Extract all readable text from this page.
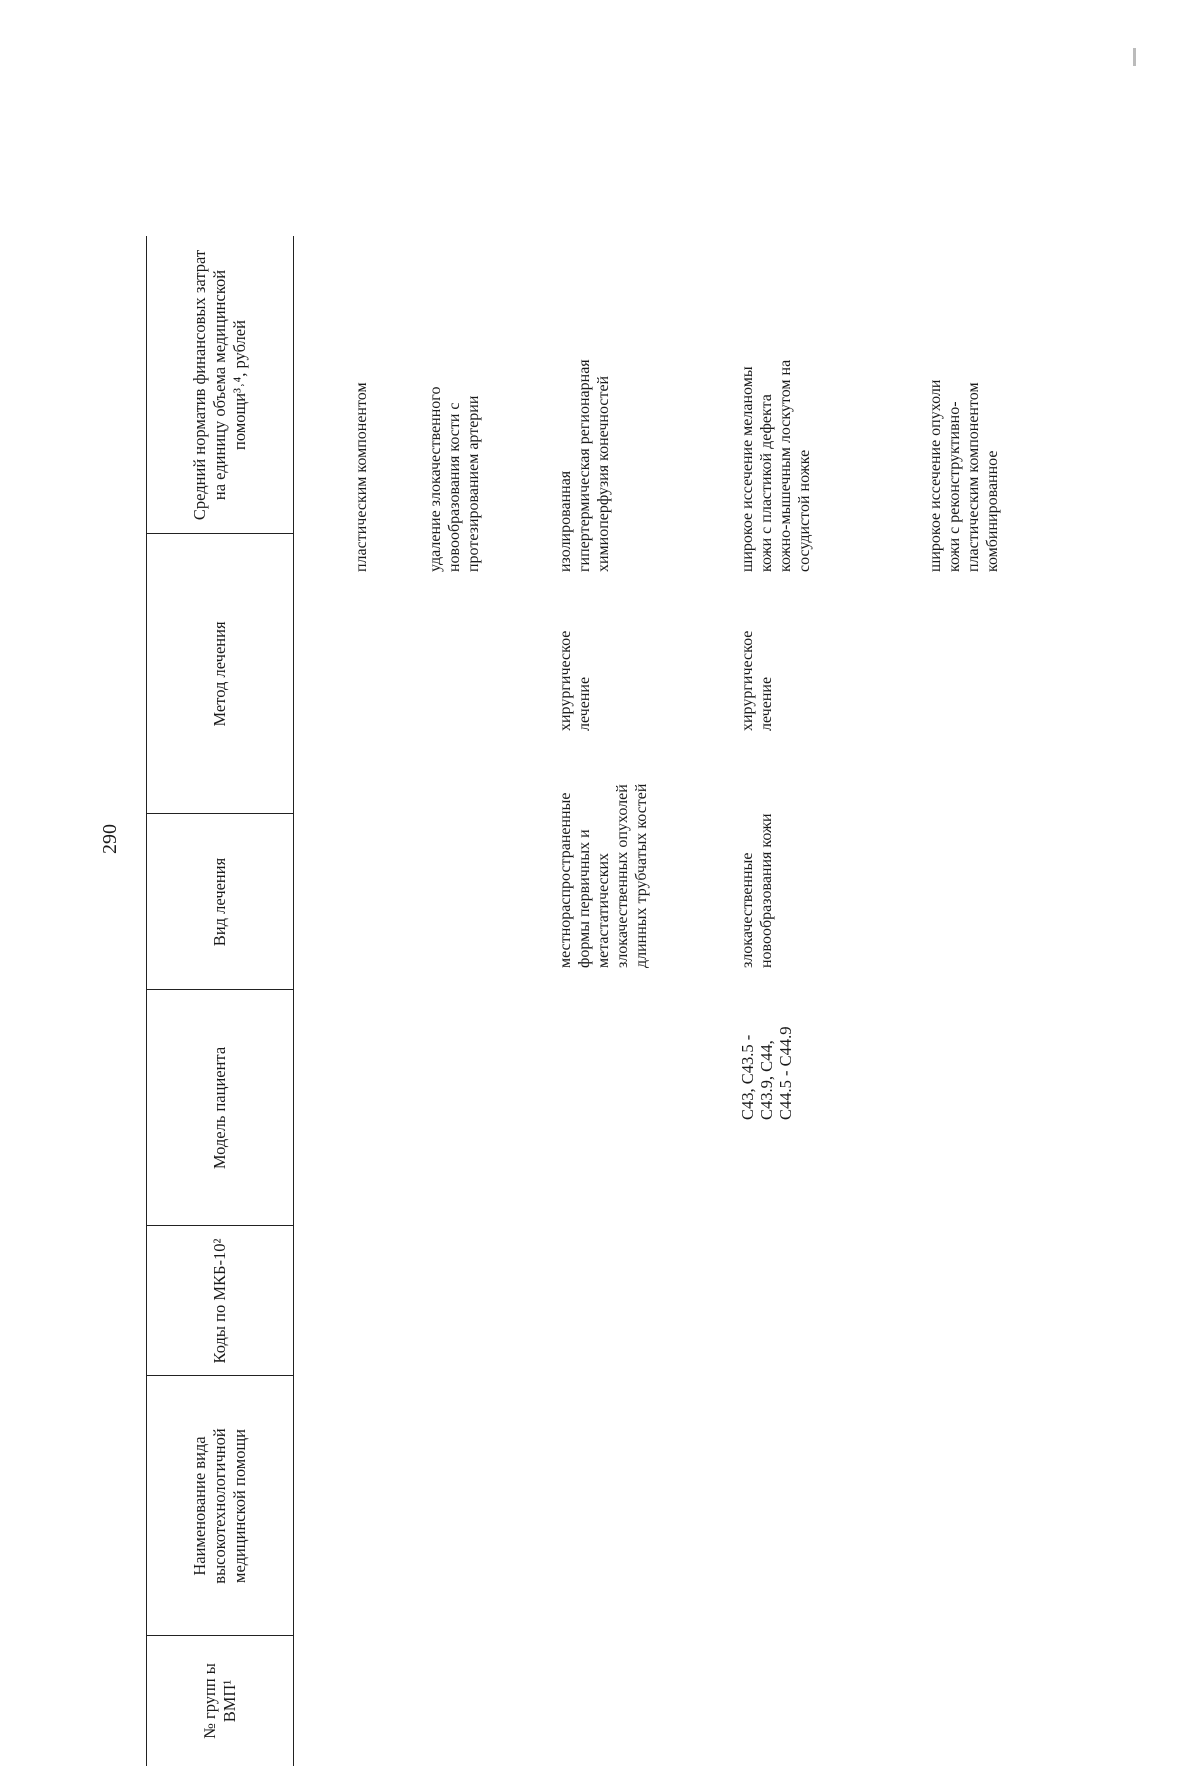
290
№ групп ы ВМП¹
Наименование вида высокотехнологичной медицинской помощи
Коды по МКБ-10²
Модель пациента
Вид лечения
Метод лечения
Средний норматив финансовых затрат на единицу объема медицинской помощи³˒⁴, рублей	пластическим компонентом	удаление злокачественного
новообразования кости с
протезированием артерии
местнораспространенные
формы первичных и
метастатических
злокачественных опухолей
длинных трубчатых костей
хирургическое
лечение
изолированная
гипертермическая регионарная
химиоперфузия конечностей
C43, C43.5 -
C43.9, C44,
C44.5 - C44.9
злокачественные
новообразования кожи
хирургическое
лечение
широкое иссечение меланомы
кожи с пластикой дефекта
кожно-мышечным лоскутом на
сосудистой ножке
широкое иссечение опухоли
кожи с реконструктивно-
пластическим компонентом
комбинированное
